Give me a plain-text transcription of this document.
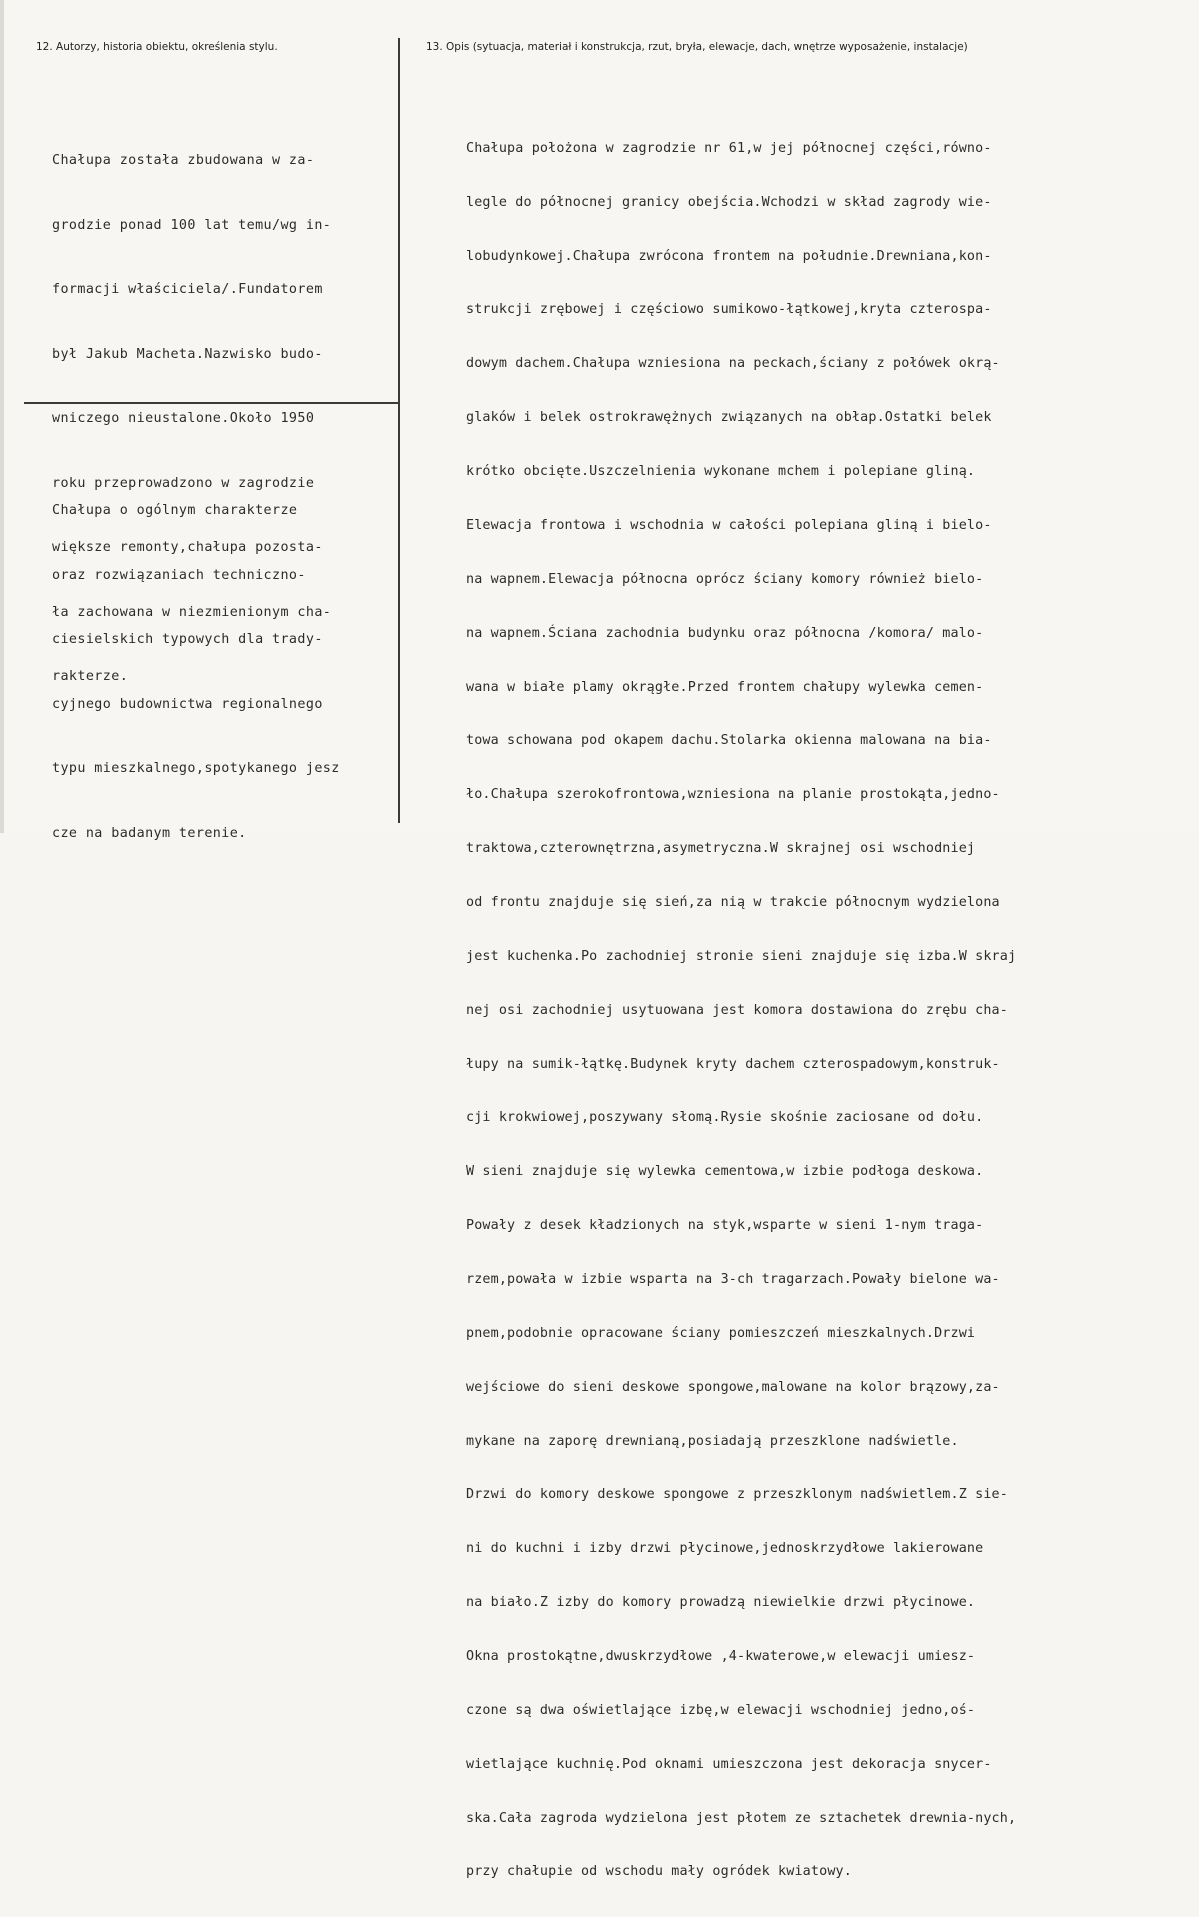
12. Autorzy, historia obiektu, określenia stylu.	13. Opis (sytuacja, materiał i konstrukcja, rzut, bryła, elewacje, dach, wnętrze wyposażenie, instalacje)

Chałupa została zbudowana w za-

grodzie ponad 100 lat temu/wg in-

formacji właściciela/.Fundatorem

był Jakub Macheta.Nazwisko budo-

wniczego nieustalone.Około 1950

roku przeprowadzono w zagrodzie

większe remonty,chałupa pozosta-

ła zachowana w niezmienionym cha-

rakterze.

Chałupa o ogólnym charakterze

oraz rozwiązaniach techniczno-

ciesielskich typowych dla trady-

cyjnego budownictwa regionalnego

typu mieszkalnego,spotykanego jesz

cze na badanym terenie.

Chałupa położona w zagrodzie nr 61,w jej północnej części,równo-

legle do północnej granicy obejścia.Wchodzi w skład zagrody wie-

lobudynkowej.Chałupa zwrócona frontem na południe.Drewniana,kon-

strukcji zrębowej i częściowo sumikowo-łątkowej,kryta czterospa-

dowym dachem.Chałupa wzniesiona na peckach,ściany z połówek okrą-

glaków i belek ostrokrawężnych związanych na obłap.Ostatki belek

krótko obcięte.Uszczelnienia wykonane mchem i polepiane gliną.

Elewacja frontowa i wschodnia w całości polepiana gliną i bielo-

na wapnem.Elewacja północna oprócz ściany komory również bielo-

na wapnem.Ściana zachodnia budynku oraz północna /komora/ malo-

wana w białe plamy okrągłe.Przed frontem chałupy wylewka cemen-

towa schowana pod okapem dachu.Stolarka okienna malowana na bia-

ło.Chałupa szerokofrontowa,wzniesiona na planie prostokąta,jedno-

traktowa,czterownętrzna,asymetryczna.W skrajnej osi wschodniej

od frontu znajduje się sień,za nią w trakcie północnym wydzielona

jest kuchenka.Po zachodniej stronie sieni znajduje się izba.W skraj

nej osi zachodniej usytuowana jest komora dostawiona do zrębu cha-

łupy na sumik-łątkę.Budynek kryty dachem czterospadowym,konstruk-

cji krokwiowej,poszywany słomą.Rysie skośnie zaciosane od dołu.

W sieni znajduje się wylewka cementowa,w izbie podłoga deskowa.

Powały z desek kładzionych na styk,wsparte w sieni 1-nym traga-

rzem,powała w izbie wsparta na 3-ch tragarzach.Powały bielone wa-

pnem,podobnie opracowane ściany pomieszczeń mieszkalnych.Drzwi

wejściowe do sieni deskowe spongowe,malowane na kolor brązowy,za-

mykane na zaporę drewnianą,posiadają przeszklone nadświetle.

Drzwi do komory deskowe spongowe z przeszklonym nadświetlem.Z sie-

ni do kuchni i izby drzwi płycinowe,jednoskrzydłowe lakierowane

na biało.Z izby do komory prowadzą niewielkie drzwi płycinowe.

Okna prostokątne,dwuskrzydłowe ,4-kwaterowe,w elewacji umiesz-

czone są dwa oświetlające izbę,w elewacji wschodniej jedno,oś-

wietlające kuchnię.Pod oknami umieszczona jest dekoracja snycer-

ska.Cała zagroda wydzielona jest płotem ze sztachetek drewnia-nych,

przy chałupie od wschodu mały ogródek kwiatowy.
